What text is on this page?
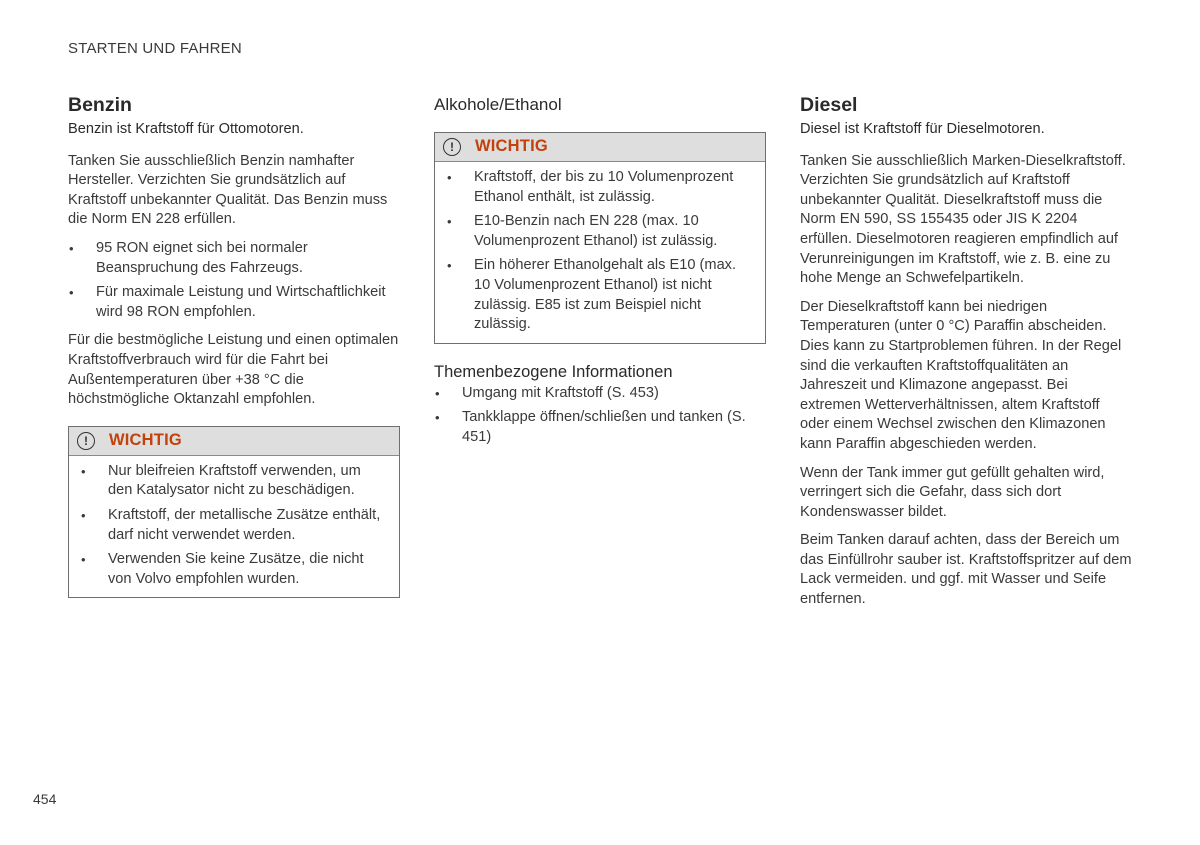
STARTEN UND FAHREN
Benzin

Benzin ist Kraftstoff für Ottomotoren.

Tanken Sie ausschließlich Benzin namhafter Hersteller. Verzichten Sie grundsätzlich auf Kraftstoff unbekannter Qualität. Das Benzin muss die Norm EN 228 erfüllen.

• 95 RON eignet sich bei normaler Beanspruchung des Fahrzeugs.
• Für maximale Leistung und Wirtschaftlichkeit wird 98 RON empfohlen.

Für die bestmögliche Leistung und einen optimalen Kraftstoffverbrauch wird für die Fahrt bei Außentemperaturen über +38 °C die höchstmögliche Oktanzahl empfohlen.

!	WICHTIG
• Nur bleifreien Kraftstoff verwenden, um den Katalysator nicht zu beschädigen.
• Kraftstoff, der metallische Zusätze enthält, darf nicht verwendet werden.
• Verwenden Sie keine Zusätze, die nicht von Volvo empfohlen wurden.
Alkohole/Ethanol
!	WICHTIG
• Kraftstoff, der bis zu 10 Volumenprozent Ethanol enthält, ist zulässig.
• E10-Benzin nach EN 228 (max. 10 Volumenprozent Ethanol) ist zulässig.
• Ein höherer Ethanolgehalt als E10 (max. 10 Volumenprozent Ethanol) ist nicht zulässig. E85 ist zum Beispiel nicht zulässig.
Themenbezogene Informationen
• Umgang mit Kraftstoff (S. 453)
• Tankklappe öffnen/schließen und tanken (S. 451)
Diesel

Diesel ist Kraftstoff für Dieselmotoren.

Tanken Sie ausschließlich Marken-Dieselkraftstoff. Verzichten Sie grundsätzlich auf Kraftstoff unbekannter Qualität. Dieselkraftstoff muss die Norm EN 590, SS 155435 oder JIS K 2204 erfüllen. Dieselmotoren reagieren empfindlich auf Verunreinigungen im Kraftstoff, wie z. B. eine zu hohe Menge an Schwefelpartikeln.

Der Dieselkraftstoff kann bei niedrigen Temperaturen (unter 0 °C) Paraffin abscheiden. Dies kann zu Startproblemen führen. In der Regel sind die verkauften Kraftstoffqualitäten an Jahreszeit und Klimazone angepasst. Bei extremen Wetterverhältnissen, altem Kraftstoff oder einem Wechsel zwischen den Klimazonen kann Paraffin abgeschieden werden.

Wenn der Tank immer gut gefüllt gehalten wird, verringert sich die Gefahr, dass sich dort Kondenswasser bildet.

Beim Tanken darauf achten, dass der Bereich um das Einfüllrohr sauber ist. Kraftstoffspritzer auf dem Lack vermeiden. und ggf. mit Wasser und Seife entfernen.

454
